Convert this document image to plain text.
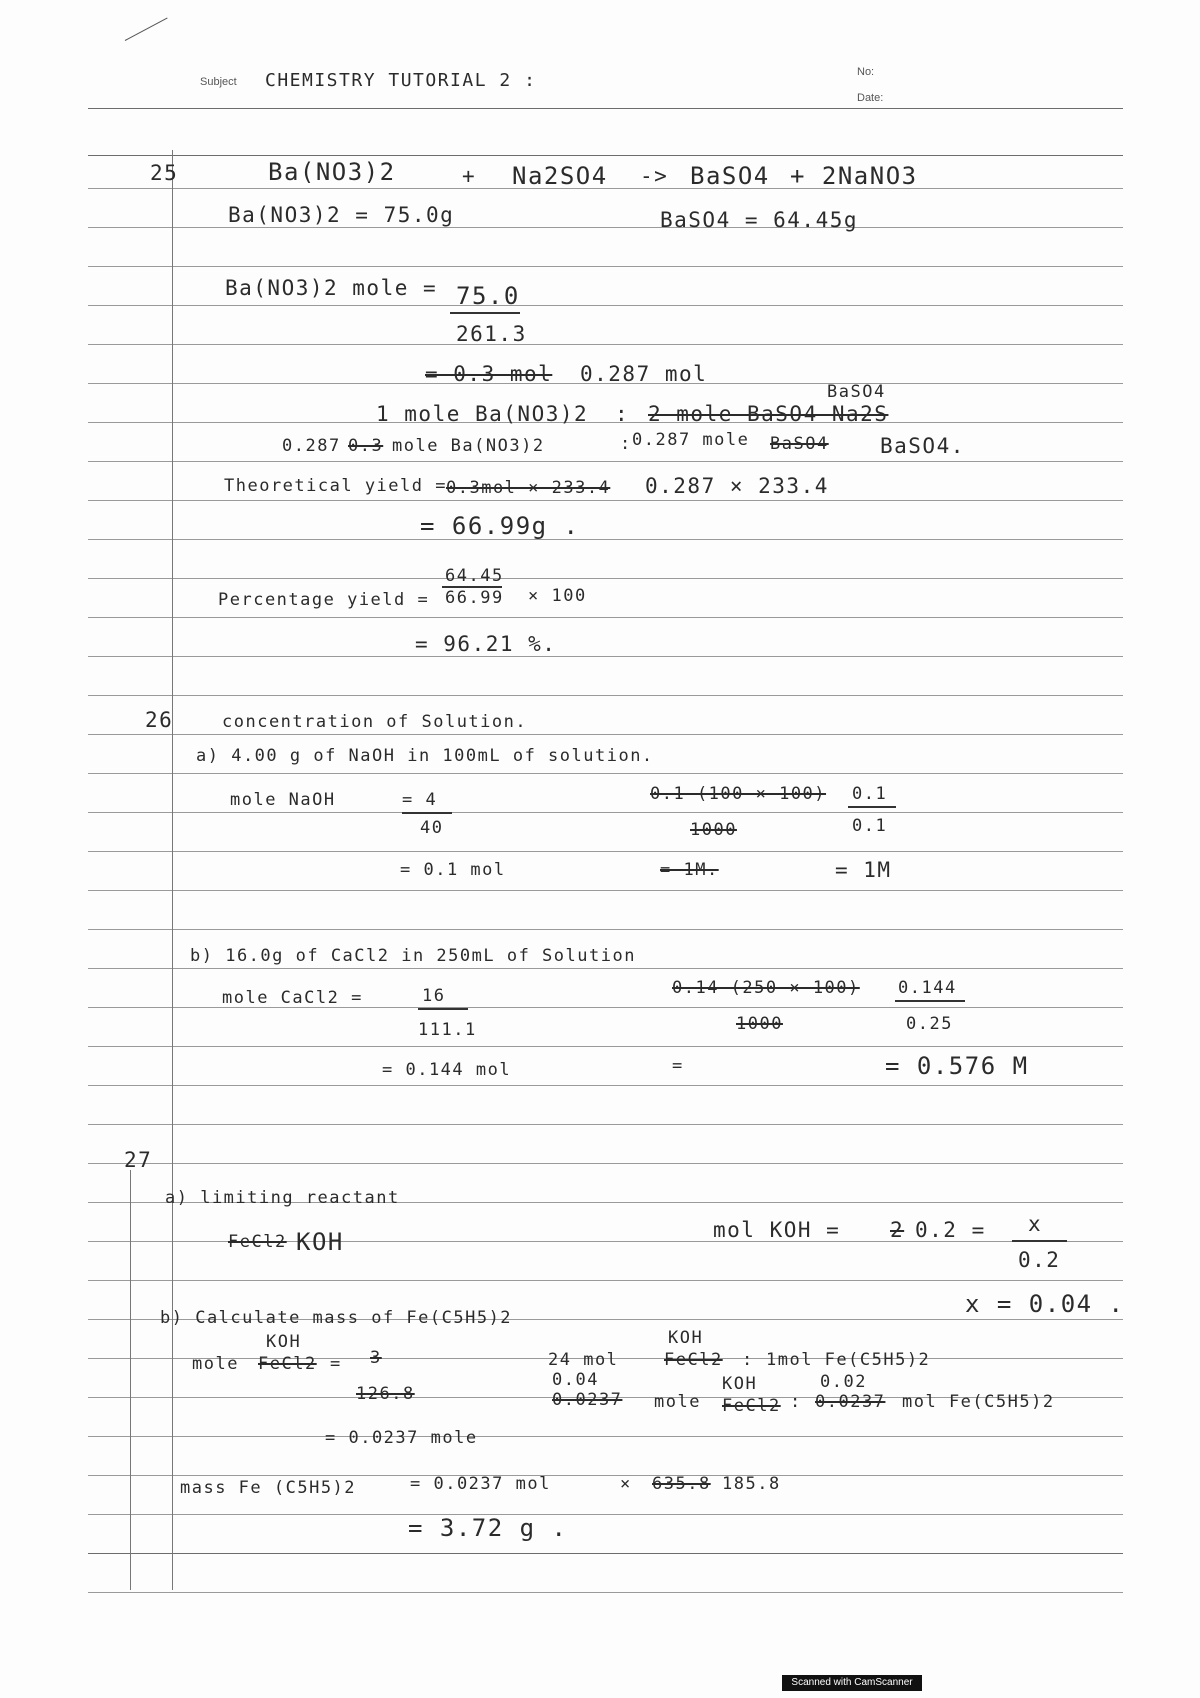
Subject CHEMISTRY TUTORIAL 2 :	No:
Date:
25	Ba(NO3)2	+ Na2SO4 -> BaSO4 + 2NaNO3
Ba(NO3)2 = 75.0g	BaSO4 = 64.45g
Ba(NO3)2 mole = 75.0
261.3
= 0.3 mol 0.287 mol
BaSO4
1 mole Ba(NO3)2 : 2 mole BaSO4 Na2S
0.287 0.3 mole Ba(NO3)2	: 0.287 mole BaSO4 BaSO4.
Theoretical yield = 0.3mol × 233.4 0.287 × 233.4
= 66.99g .
64.45
Percentage yield = 66.99 × 100
= 96.21 %.
26	concentration of Solution.
a) 4.00 g of NaOH in 100mL of solution.
mole NaOH	= 4
40
= 0.1 mol
0.1 (100 × 100)
1000
= 1M.
0.1
0.1
= 1M
b) 16.0g of CaCl2 in 250mL of Solution
mole CaCl2 =	16
111.1
= 0.144 mol
0.14 (250 × 100)
1000
=
0.144
0.25
= 0.576 M
27
a) limiting reactant
FeCl2 KOH	mol KOH = 2 0.2 = x
0.2
x = 0.04 .
b) Calculate mass of Fe(C5H5)2
KOH
mole FeCl2 = 3
126.8
= 0.0237 mole
KOH
24 mol	FeCl2 : 1mol Fe(C5H5)2
0.04
0.0237 mole
KOH
FeCl2 :
0.02
0.0237 mol Fe(C5H5)2
mass Fe (C5H5)2	= 0.0237 mol	× 635.8 185.8
= 3.72 g .
Scanned with CamScanner
